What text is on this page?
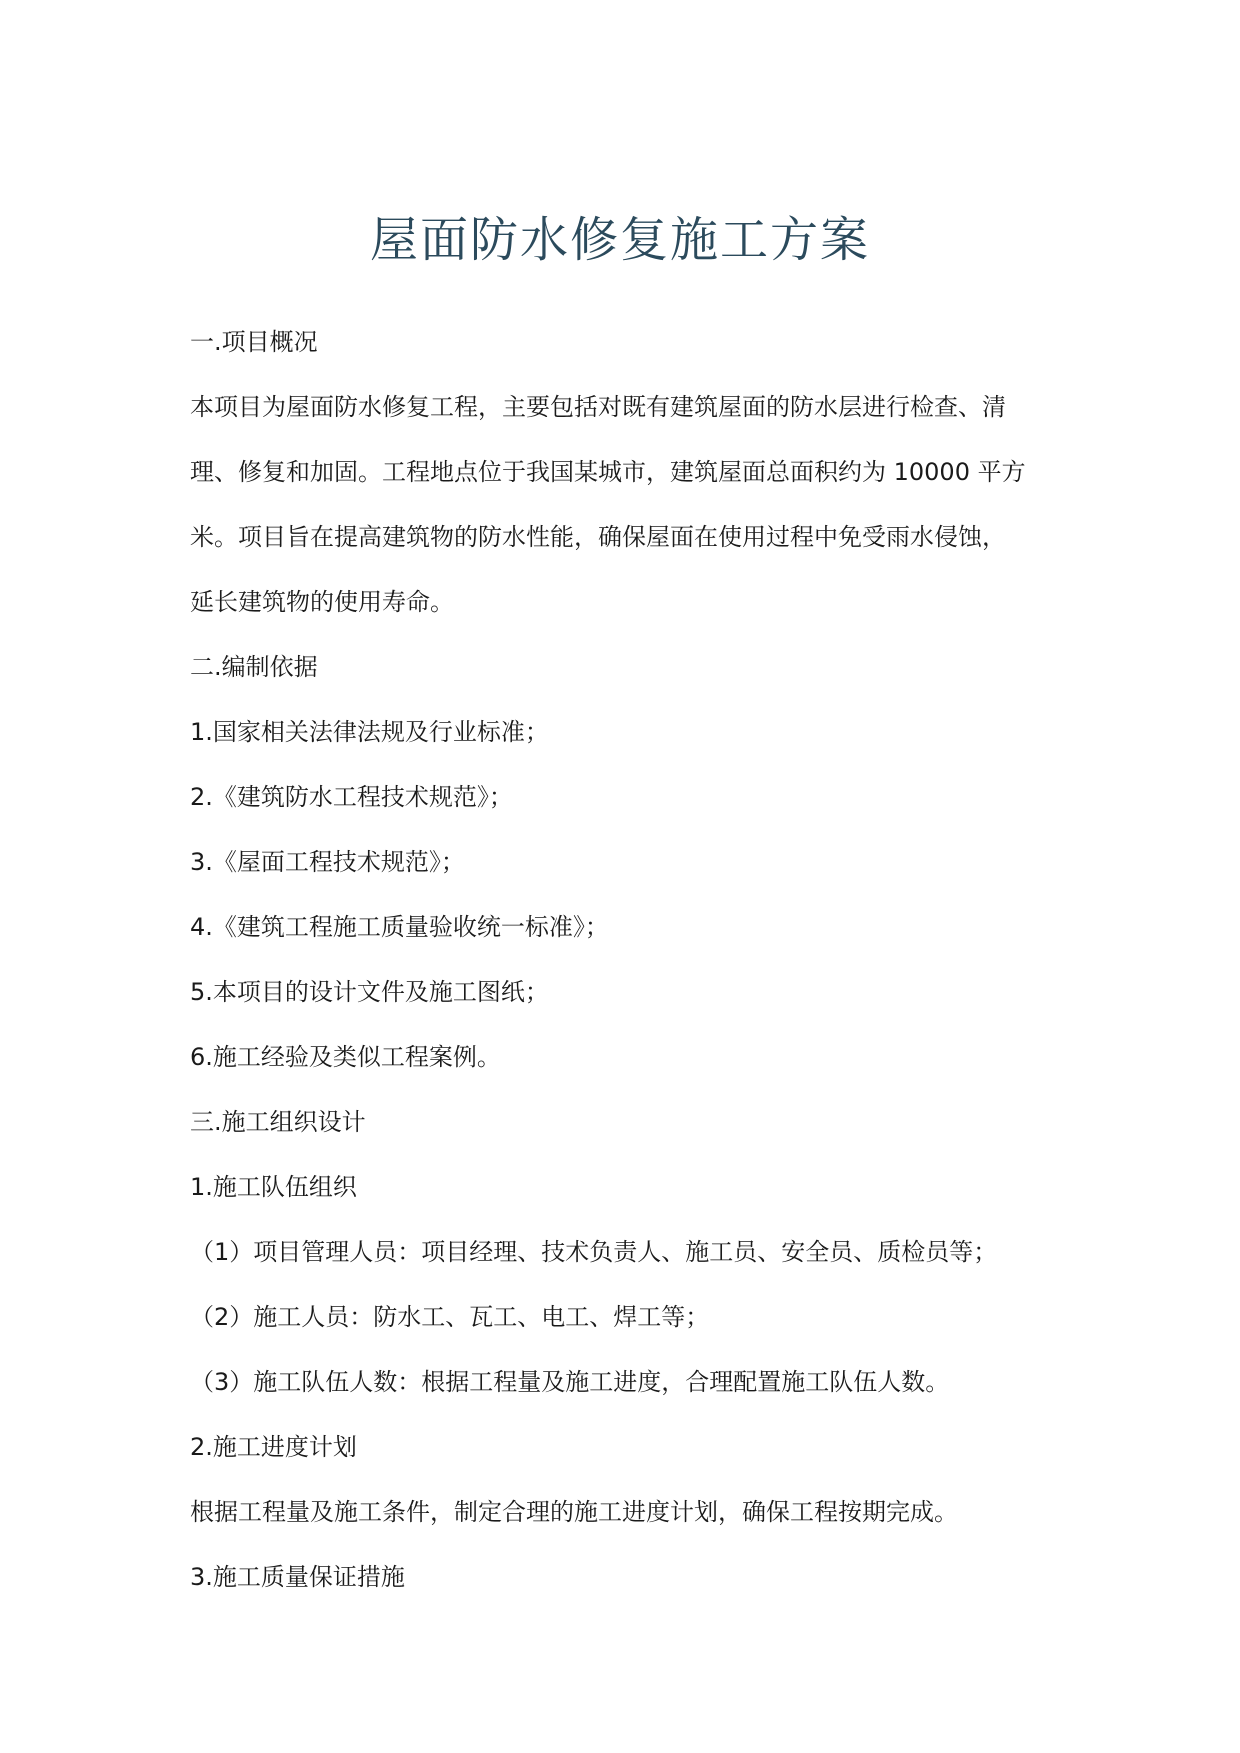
屋面防水修复施工方案

一.项目概况

本项目为屋面防水修复工程，主要包括对既有建筑屋面的防水层进行检查、清

理、修复和加固。工程地点位于我国某城市，建筑屋面总面积约为 10000 平方

米。项目旨在提高建筑物的防水性能，确保屋面在使用过程中免受雨水侵蚀，

延长建筑物的使用寿命。

二.编制依据

1.国家相关法律法规及行业标准；

2.《建筑防水工程技术规范》；

3.《屋面工程技术规范》；

4.《建筑工程施工质量验收统一标准》；

5.本项目的设计文件及施工图纸；

6.施工经验及类似工程案例。

三.施工组织设计

1.施工队伍组织

（1）项目管理人员：项目经理、技术负责人、施工员、安全员、质检员等；

（2）施工人员：防水工、瓦工、电工、焊工等；

（3）施工队伍人数：根据工程量及施工进度，合理配置施工队伍人数。

2.施工进度计划

根据工程量及施工条件，制定合理的施工进度计划，确保工程按期完成。

3.施工质量保证措施
